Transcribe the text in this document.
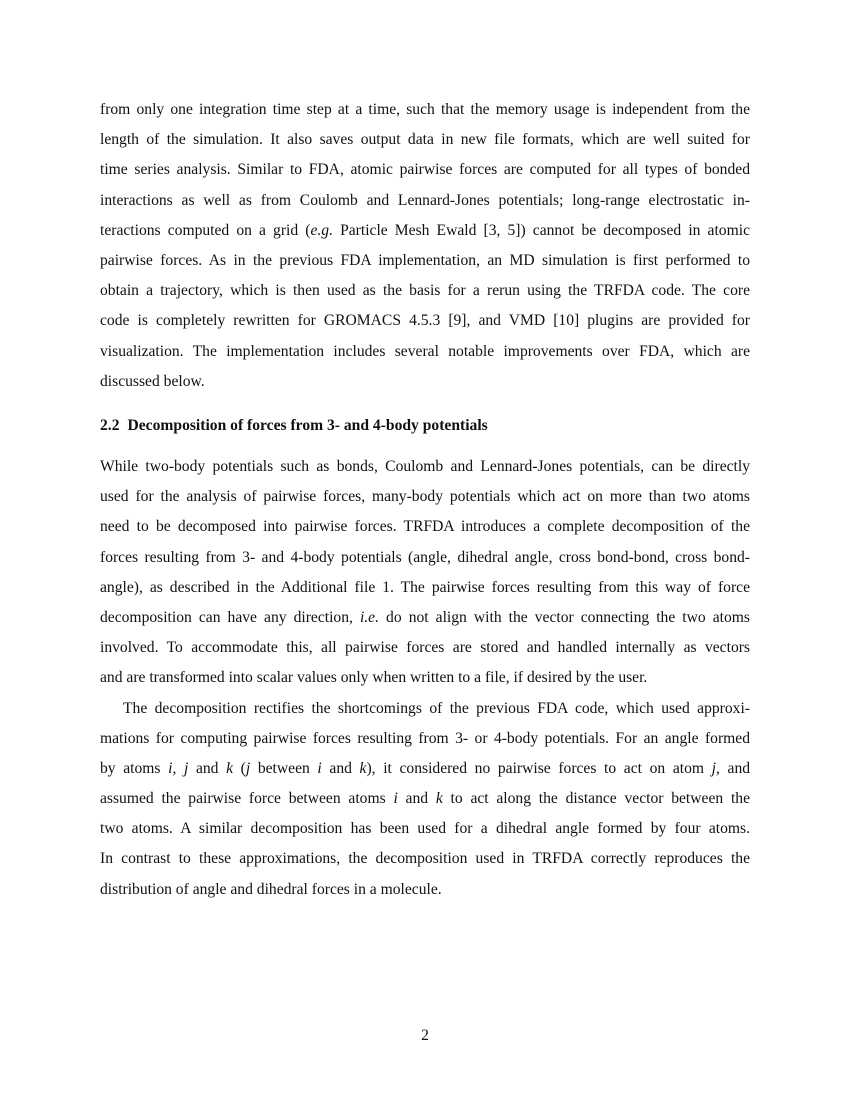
from only one integration time step at a time, such that the memory usage is independent from the
length of the simulation. It also saves output data in new file formats, which are well suited for
time series analysis. Similar to FDA, atomic pairwise forces are computed for all types of bonded
interactions as well as from Coulomb and Lennard-Jones potentials; long-range electrostatic in-
teractions computed on a grid (e.g. Particle Mesh Ewald [3, 5]) cannot be decomposed in atomic
pairwise forces. As in the previous FDA implementation, an MD simulation is first performed to
obtain a trajectory, which is then used as the basis for a rerun using the TRFDA code. The core
code is completely rewritten for GROMACS 4.5.3 [9], and VMD [10] plugins are provided for
visualization. The implementation includes several notable improvements over FDA, which are
discussed below.
2.2 Decomposition of forces from 3- and 4-body potentials
While two-body potentials such as bonds, Coulomb and Lennard-Jones potentials, can be directly
used for the analysis of pairwise forces, many-body potentials which act on more than two atoms
need to be decomposed into pairwise forces. TRFDA introduces a complete decomposition of the
forces resulting from 3- and 4-body potentials (angle, dihedral angle, cross bond-bond, cross bond-
angle), as described in the Additional file 1. The pairwise forces resulting from this way of force
decomposition can have any direction, i.e. do not align with the vector connecting the two atoms
involved. To accommodate this, all pairwise forces are stored and handled internally as vectors
and are transformed into scalar values only when written to a file, if desired by the user.
The decomposition rectifies the shortcomings of the previous FDA code, which used approxi-
mations for computing pairwise forces resulting from 3- or 4-body potentials. For an angle formed
by atoms i, j and k (j between i and k), it considered no pairwise forces to act on atom j, and
assumed the pairwise force between atoms i and k to act along the distance vector between the
two atoms. A similar decomposition has been used for a dihedral angle formed by four atoms.
In contrast to these approximations, the decomposition used in TRFDA correctly reproduces the
distribution of angle and dihedral forces in a molecule.
2
